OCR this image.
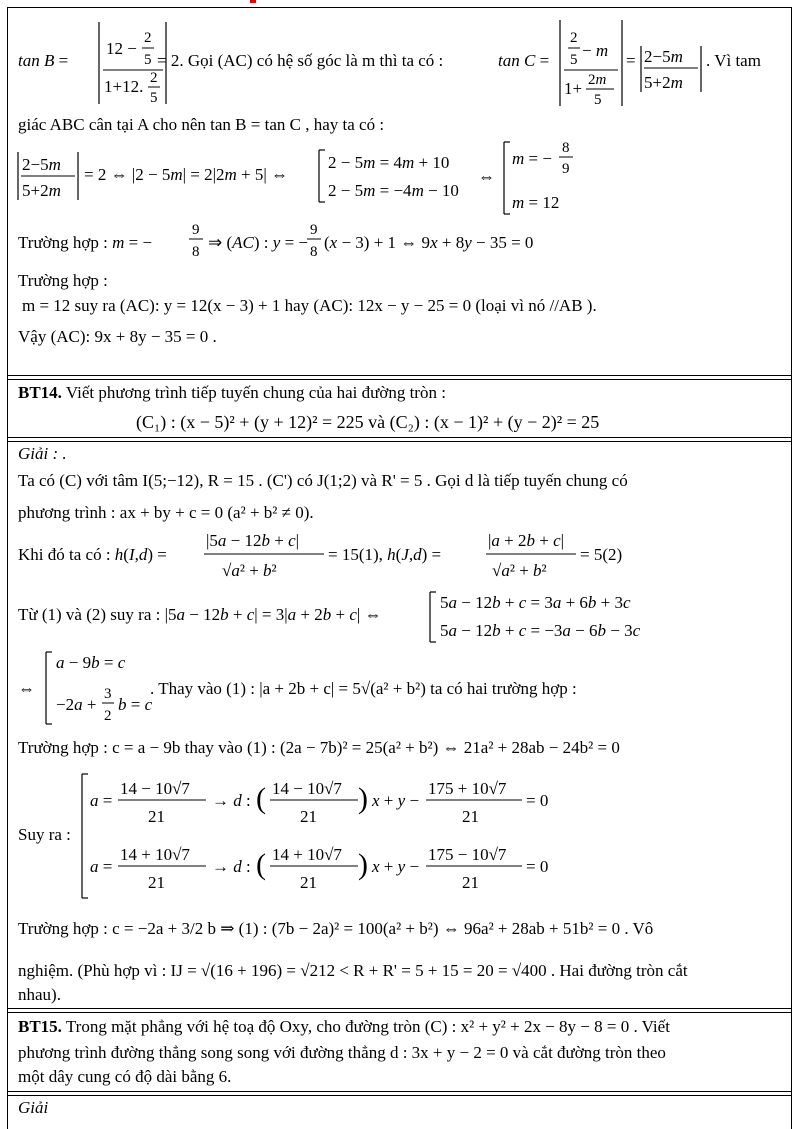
tan B =
12 −
2
5
1+12. 2
5
= 2. Gọi (AC) có hệ số góc là m thì ta có :	tan C =
2
5 − m
1+ 2m
5
= 2−5m
5+2m
. Vì tam
giác ABC cân tại A cho nên tan B = tan C , hay ta có :
2−5m
5+2m
= 2 ⇔ |2 − 5m| = 2|2m + 5| ⇔
2 − 5m = 4m + 10
2 − 5m = −4m − 10
⇔
m = −
8
9
m = 12
Trường hợp : m = −
9
8 ⇒ (AC) : y = −
9
8 (x − 3) + 1 ⇔ 9x + 8y − 35 = 0
Trường hợp :
m = 12 suy ra (AC): y = 12(x − 3) + 1 hay (AC): 12x − y − 25 = 0 (loại vì nó //AB ).
Vậy (AC): 9x + 8y − 35 = 0 .
BT14. Viết phương trình tiếp tuyến chung của hai đường tròn :
(C₁) : (x − 5)² + (y + 12)² = 225 và (C₂) : (x − 1)² + (y − 2)² = 25
Giải : .
Ta có (C) với tâm I(5;−12), R = 15 . (C') có J(1;2) và R' = 5 . Gọi d là tiếp tuyến chung có
phương trình : ax + by + c = 0 (a² + b² ≠ 0).
Khi đó ta có : h(I,d) =
|5a − 12b + c|
√a² + b²
= 15(1), h(J,d) =
|a + 2b + c|
√a² + b²
= 5(2)
Từ (1) và (2) suy ra : |5a − 12b + c| = 3|a + 2b + c| ⇔
5a − 12b + c = 3a + 6b + 3c
5a − 12b + c = −3a − 6b − 3c
⇔
a − 9b = c
−2a +
3
2
b = c
. Thay vào (1) : |a + 2b + c| = 5√(a² + b²) ta có hai trường hợp :
Trường hợp : c = a − 9b thay vào (1) : (2a − 7b)² = 25(a² + b²) ⇔ 21a² + 28ab − 24b² = 0
Suy ra :
a =
14 − 10√7
21
→ d : ( 14 − 10√7
21
) x + y −
175 + 10√7
21
= 0
a =
14 + 10√7
21
→ d : ( 14 + 10√7
21
) x + y −
175 − 10√7
21
= 0
Trường hợp : c = −2a + 3/2 b ⇒ (1) : (7b − 2a)² = 100(a² + b²) ⇔ 96a² + 28ab + 51b² = 0 . Vô
nghiệm. (Phù hợp vì : IJ = √(16 + 196) = √212 < R + R' = 5 + 15 = 20 = √400 . Hai đường tròn cắt
nhau).
BT15. Trong mặt phẳng với hệ toạ độ Oxy, cho đường tròn (C) : x² + y² + 2x − 8y − 8 = 0 . Viết
phương trình đường thẳng song song với đường thẳng d : 3x + y − 2 = 0 và cắt đường tròn theo
một dây cung có độ dài bằng 6.
Giải
